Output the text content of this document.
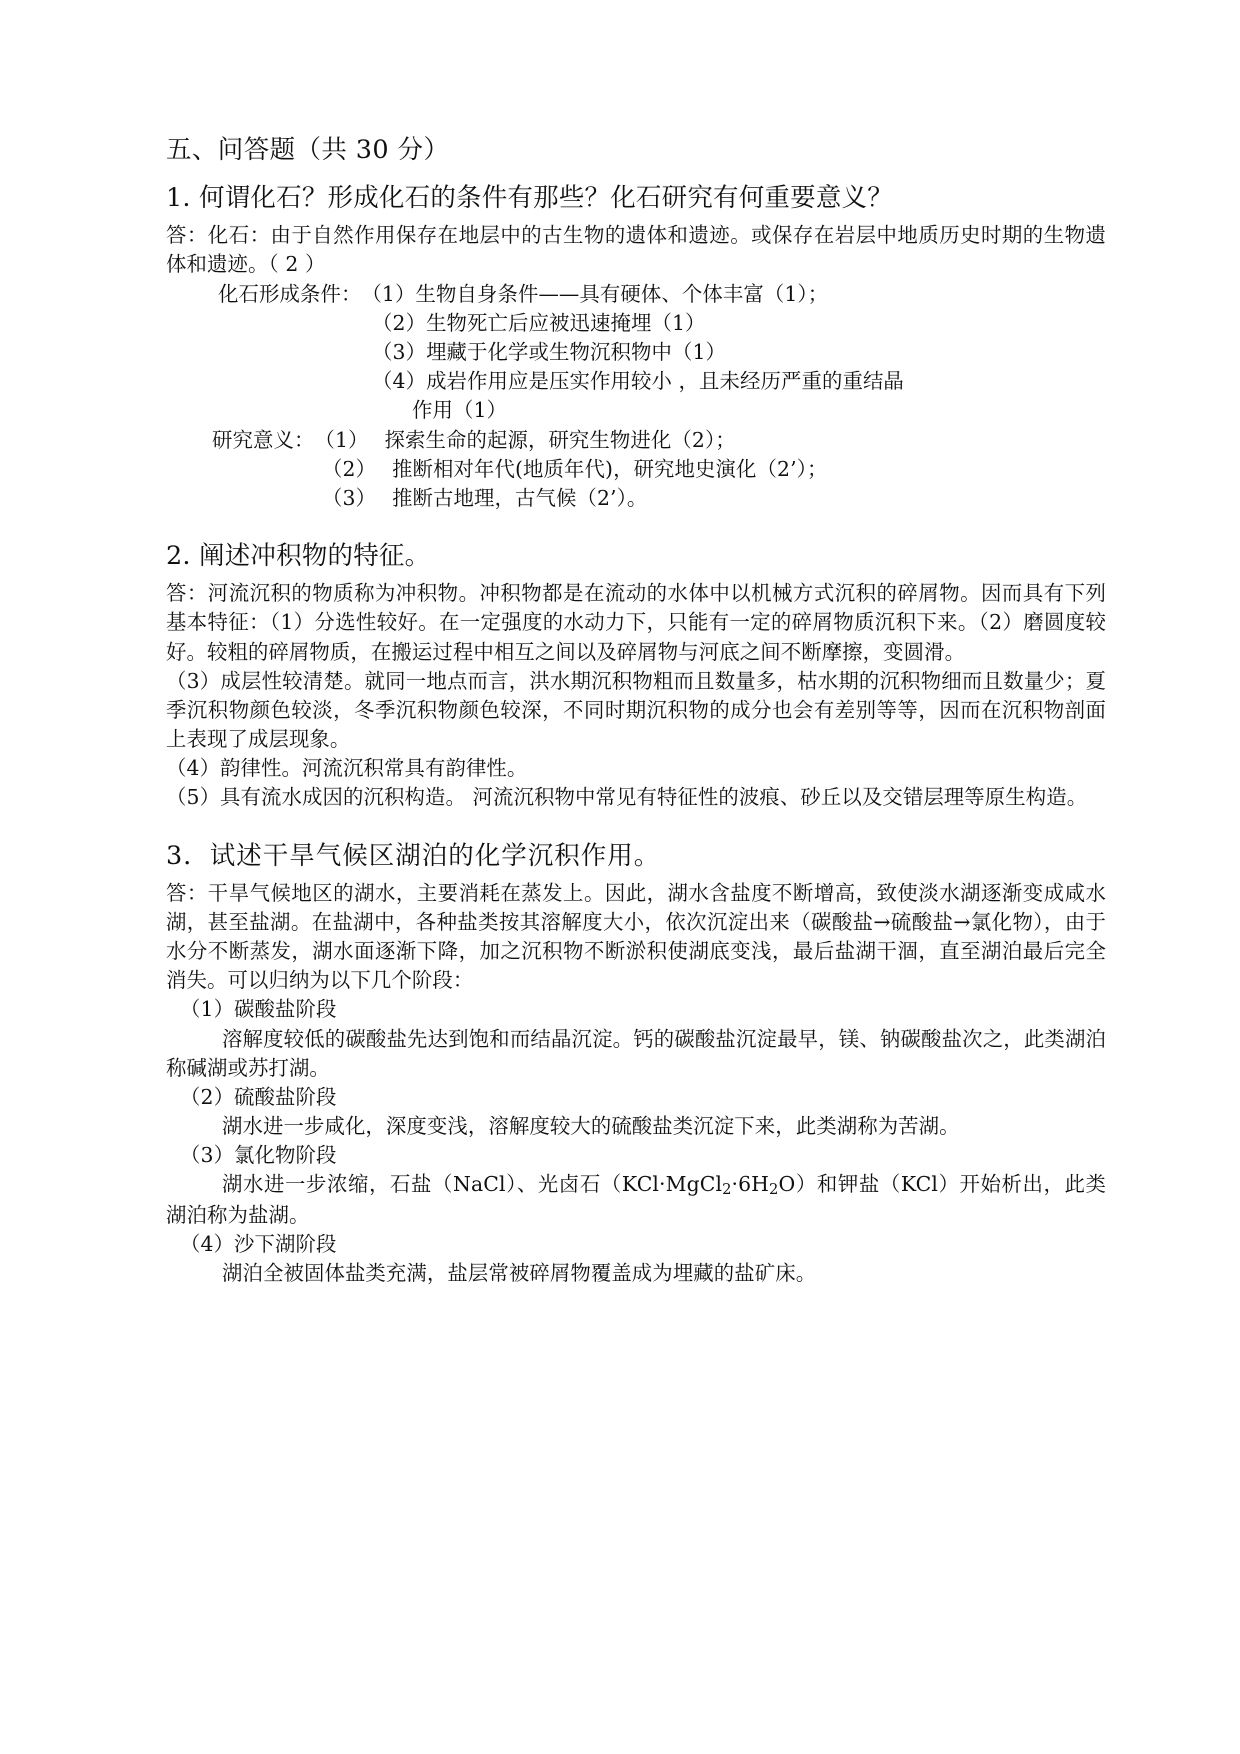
五、问答题（共 30 分）
1. 何谓化石？形成化石的条件有那些？化石研究有何重要意义？
答：化石：由于自然作用保存在地层中的古生物的遗体和遗迹。或保存在岩层中地质历史时期的生物遗体和遗迹。（ 2 ）
化石形成条件： （1） 生物自身条件——具有硬体、个体丰富（1）；
（2） 生物死亡后应被迅速掩埋（1）
（3） 埋藏于化学或生物沉积物中（1）
（4） 成岩作用应是压实作用较小 ，且未经历严重的重结晶
作用（1）
研究意义： （1） 探索生命的起源，研究生物进化（2）；
（2） 推断相对年代(地质年代)，研究地史演化（2’）；
（3） 推断古地理，古气候（2’）。
2. 阐述冲积物的特征。
答：河流沉积的物质称为冲积物。冲积物都是在流动的水体中以机械方式沉积的碎屑物。因而具有下列基本特征：（1）分选性较好。在一定强度的水动力下，只能有一定的碎屑物质沉积下来。（2）磨圆度较好。较粗的碎屑物质，在搬运过程中相互之间以及碎屑物与河底之间不断摩擦，变圆滑。
（3）成层性较清楚。就同一地点而言，洪水期沉积物粗而且数量多，枯水期的沉积物细而且数量少；夏季沉积物颜色较淡，冬季沉积物颜色较深，不同时期沉积物的成分也会有差别等等，因而在沉积物剖面上表现了成层现象。
（4）韵律性。河流沉积常具有韵律性。
（5）具有流水成因的沉积构造。 河流沉积物中常见有特征性的波痕、砂丘以及交错层理等原生构造。
3．试述干旱气候区湖泊的化学沉积作用。
答：干旱气候地区的湖水，主要消耗在蒸发上。因此，湖水含盐度不断增高，致使淡水湖逐渐变成咸水湖，甚至盐湖。在盐湖中，各种盐类按其溶解度大小，依次沉淀出来（碳酸盐→硫酸盐→氯化物），由于水分不断蒸发，湖水面逐渐下降，加之沉积物不断淤积使湖底变浅，最后盐湖干涸，直至湖泊最后完全消失。可以归纳为以下几个阶段：
（1）碳酸盐阶段
溶解度较低的碳酸盐先达到饱和而结晶沉淀。钙的碳酸盐沉淀最早，镁、钠碳酸盐次之，此类湖泊称碱湖或苏打湖。
（2）硫酸盐阶段
湖水进一步咸化，深度变浅，溶解度较大的硫酸盐类沉淀下来，此类湖称为苦湖。
（3）氯化物阶段
湖水进一步浓缩，石盐（NaCl）、光卤石$(KCl\cdot MgCl_2\cdot 6H_2O)$和钾盐（KCl）开始析出，此类湖泊称为盐湖。
（4）沙下湖阶段
湖泊全被固体盐类充满，盐层常被碎屑物覆盖成为埋藏的盐矿床。
